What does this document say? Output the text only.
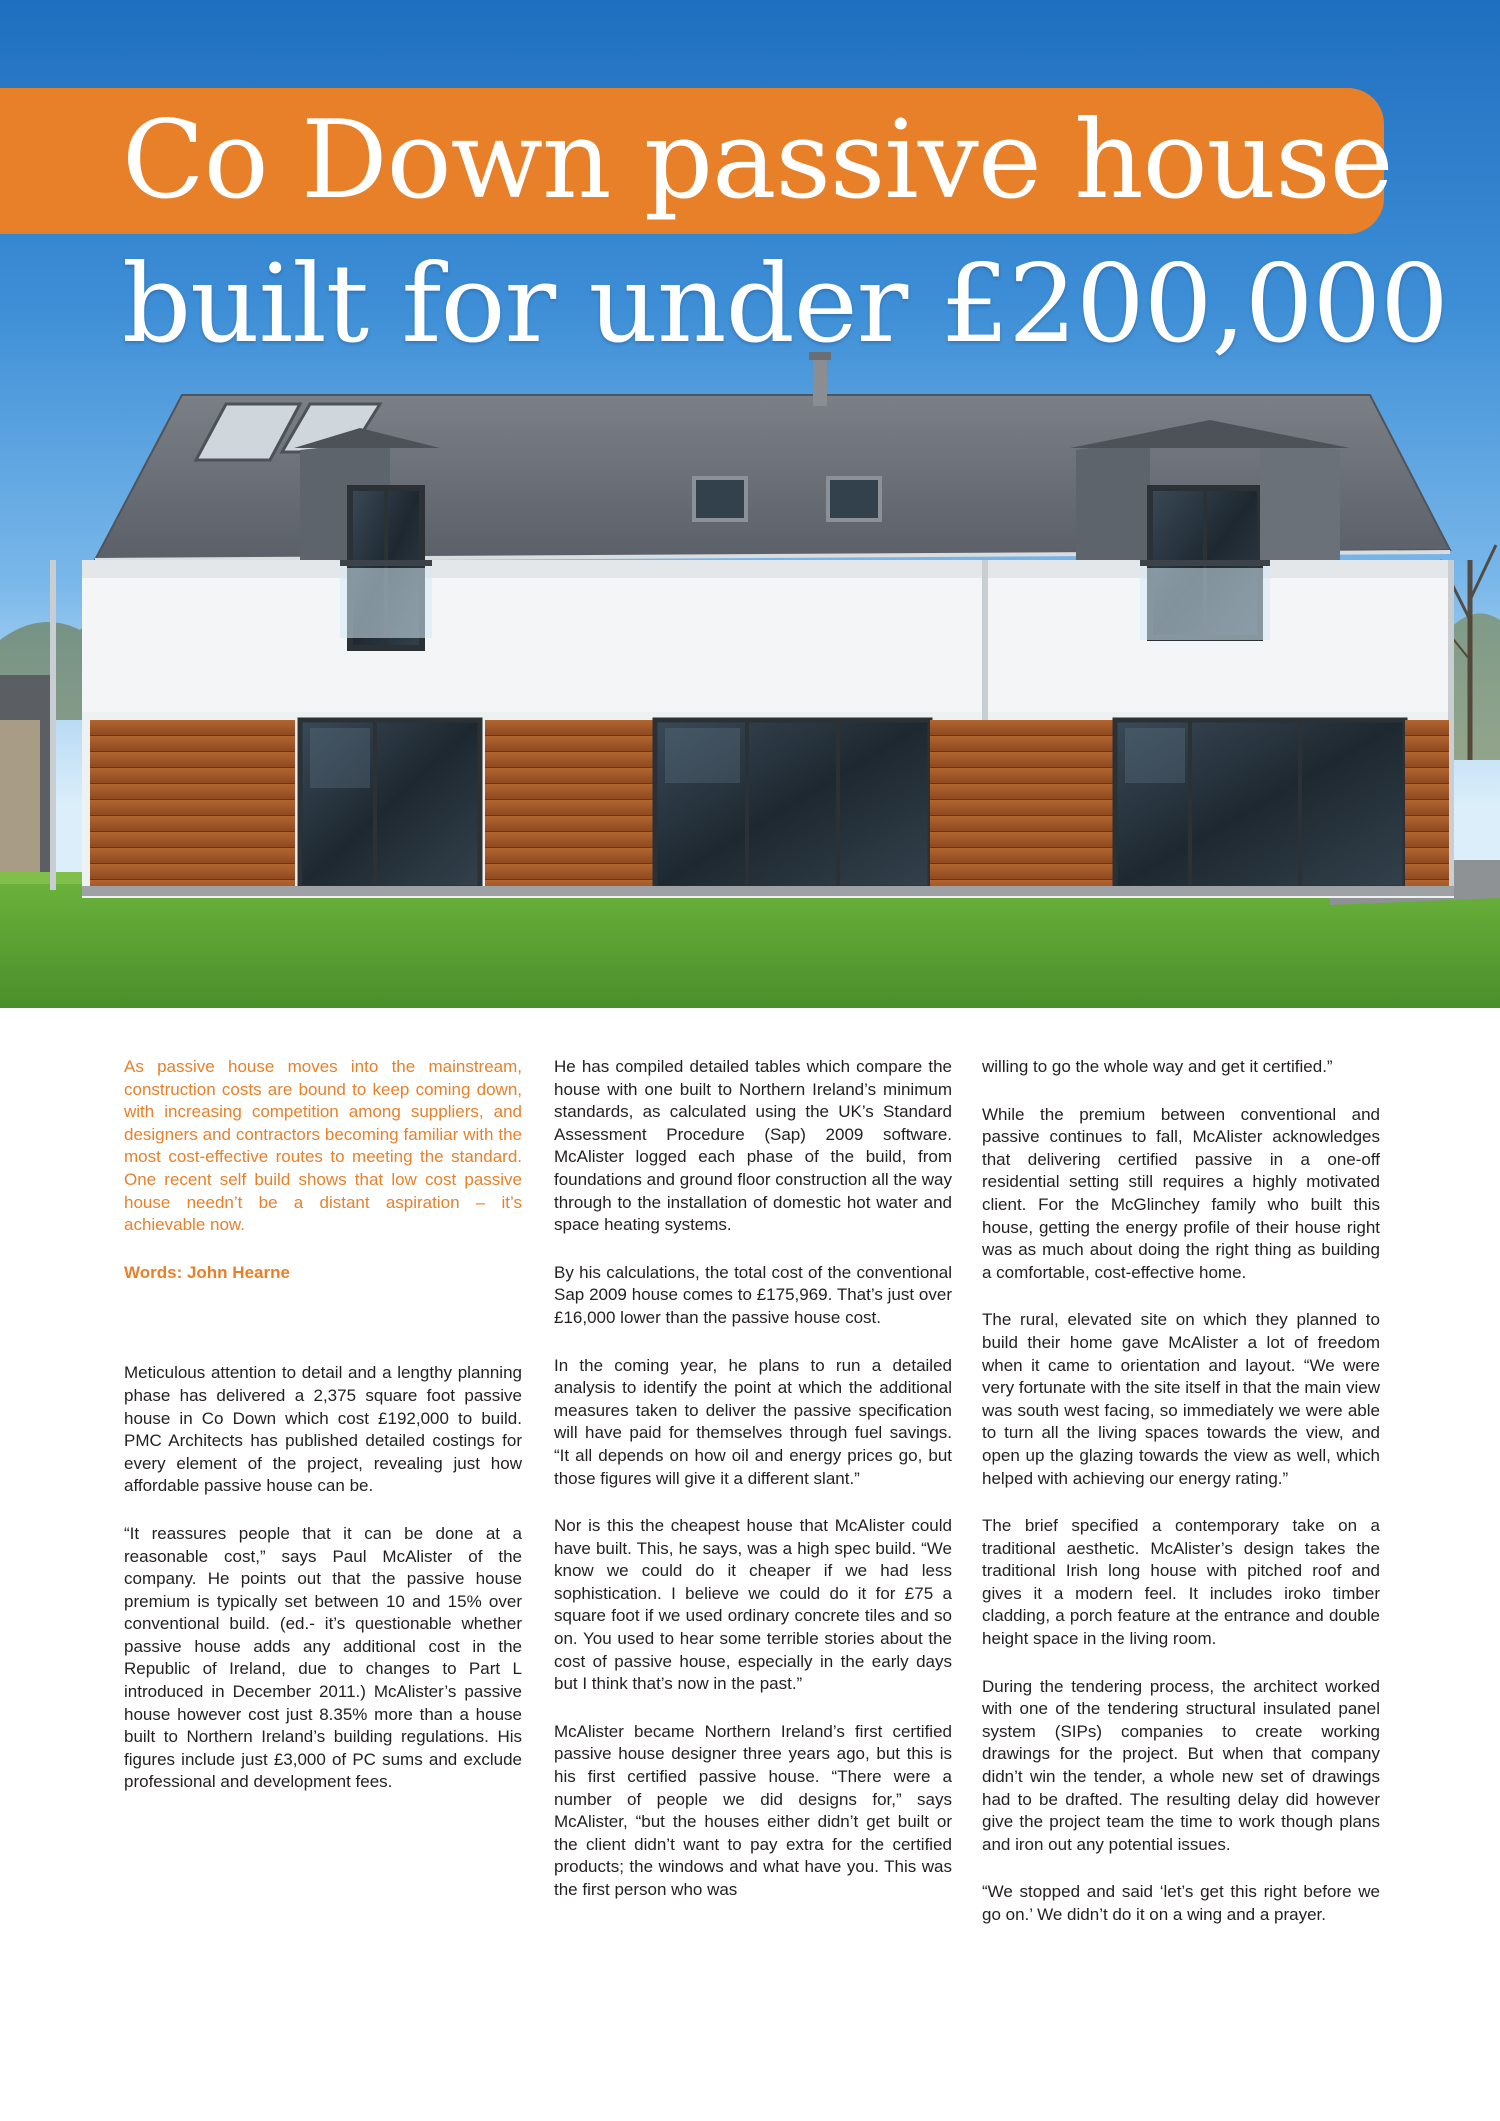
Co Down passive house
built for under £200,000

As passive house moves into the mainstream, construction costs are bound to keep coming down, with increasing competition among suppliers, and designers and contractors becoming familiar with the most cost-effective routes to meeting the standard. One recent self build shows that low cost passive house needn’t be a distant aspiration – it’s achievable now.

Words: John Hearne

Meticulous attention to detail and a lengthy planning phase has delivered a 2,375 square foot passive house in Co Down which cost £192,000 to build. PMC Architects has published detailed costings for every element of the project, revealing just how affordable passive house can be.

“It reassures people that it can be done at a reasonable cost,” says Paul McAlister of the company. He points out that the passive house premium is typically set between 10 and 15% over conventional build. (ed.- it’s questionable whether passive house adds any additional cost in the Republic of Ireland, due to changes to Part L introduced in December 2011.) McAlister’s passive house however cost just 8.35% more than a house built to Northern Ireland’s building regulations. His figures include just £3,000 of PC sums and exclude professional and development fees.

He has compiled detailed tables which compare the house with one built to Northern Ireland’s minimum standards, as calculated using the UK’s Standard Assessment Procedure (Sap) 2009 software. McAlister logged each phase of the build, from foundations and ground floor construction all the way through to the installation of domestic hot water and space heating systems.

By his calculations, the total cost of the conventional Sap 2009 house comes to £175,969. That’s just over £16,000 lower than the passive house cost.

In the coming year, he plans to run a detailed analysis to identify the point at which the additional measures taken to deliver the passive specification will have paid for themselves through fuel savings. “It all depends on how oil and energy prices go, but those figures will give it a different slant.”

Nor is this the cheapest house that McAlister could have built. This, he says, was a high spec build. “We know we could do it cheaper if we had less sophistication. I believe we could do it for £75 a square foot if we used ordinary concrete tiles and so on. You used to hear some terrible stories about the cost of passive house, especially in the early days but I think that’s now in the past.”

McAlister became Northern Ireland’s first certified passive house designer three years ago, but this is his first certified passive house. “There were a number of people we did designs for,” says McAlister, “but the houses either didn’t get built or the client didn’t want to pay extra for the certified products; the windows and what have you. This was the first person who was

willing to go the whole way and get it certified.”

While the premium between conventional and passive continues to fall, McAlister acknowledges that delivering certified passive in a one-off residential setting still requires a highly motivated client. For the McGlinchey family who built this house, getting the energy profile of their house right was as much about doing the right thing as building a comfortable, cost-effective home.

The rural, elevated site on which they planned to build their home gave McAlister a lot of freedom when it came to orientation and layout. “We were very fortunate with the site itself in that the main view was south west facing, so immediately we were able to turn all the living spaces towards the view, and open up the glazing towards the view as well, which helped with achieving our energy rating.”

The brief specified a contemporary take on a traditional aesthetic. McAlister’s design takes the traditional Irish long house with pitched roof and gives it a modern feel. It includes iroko timber cladding, a porch feature at the entrance and double height space in the living room.

During the tendering process, the architect worked with one of the tendering structural insulated panel system (SIPs) companies to create working drawings for the project. But when that company didn’t win the tender, a whole new set of drawings had to be drafted. The resulting delay did however give the project team the time to work though plans and iron out any potential issues.

“We stopped and said ‘let’s get this right before we go on.’ We didn’t do it on a wing and a prayer.
